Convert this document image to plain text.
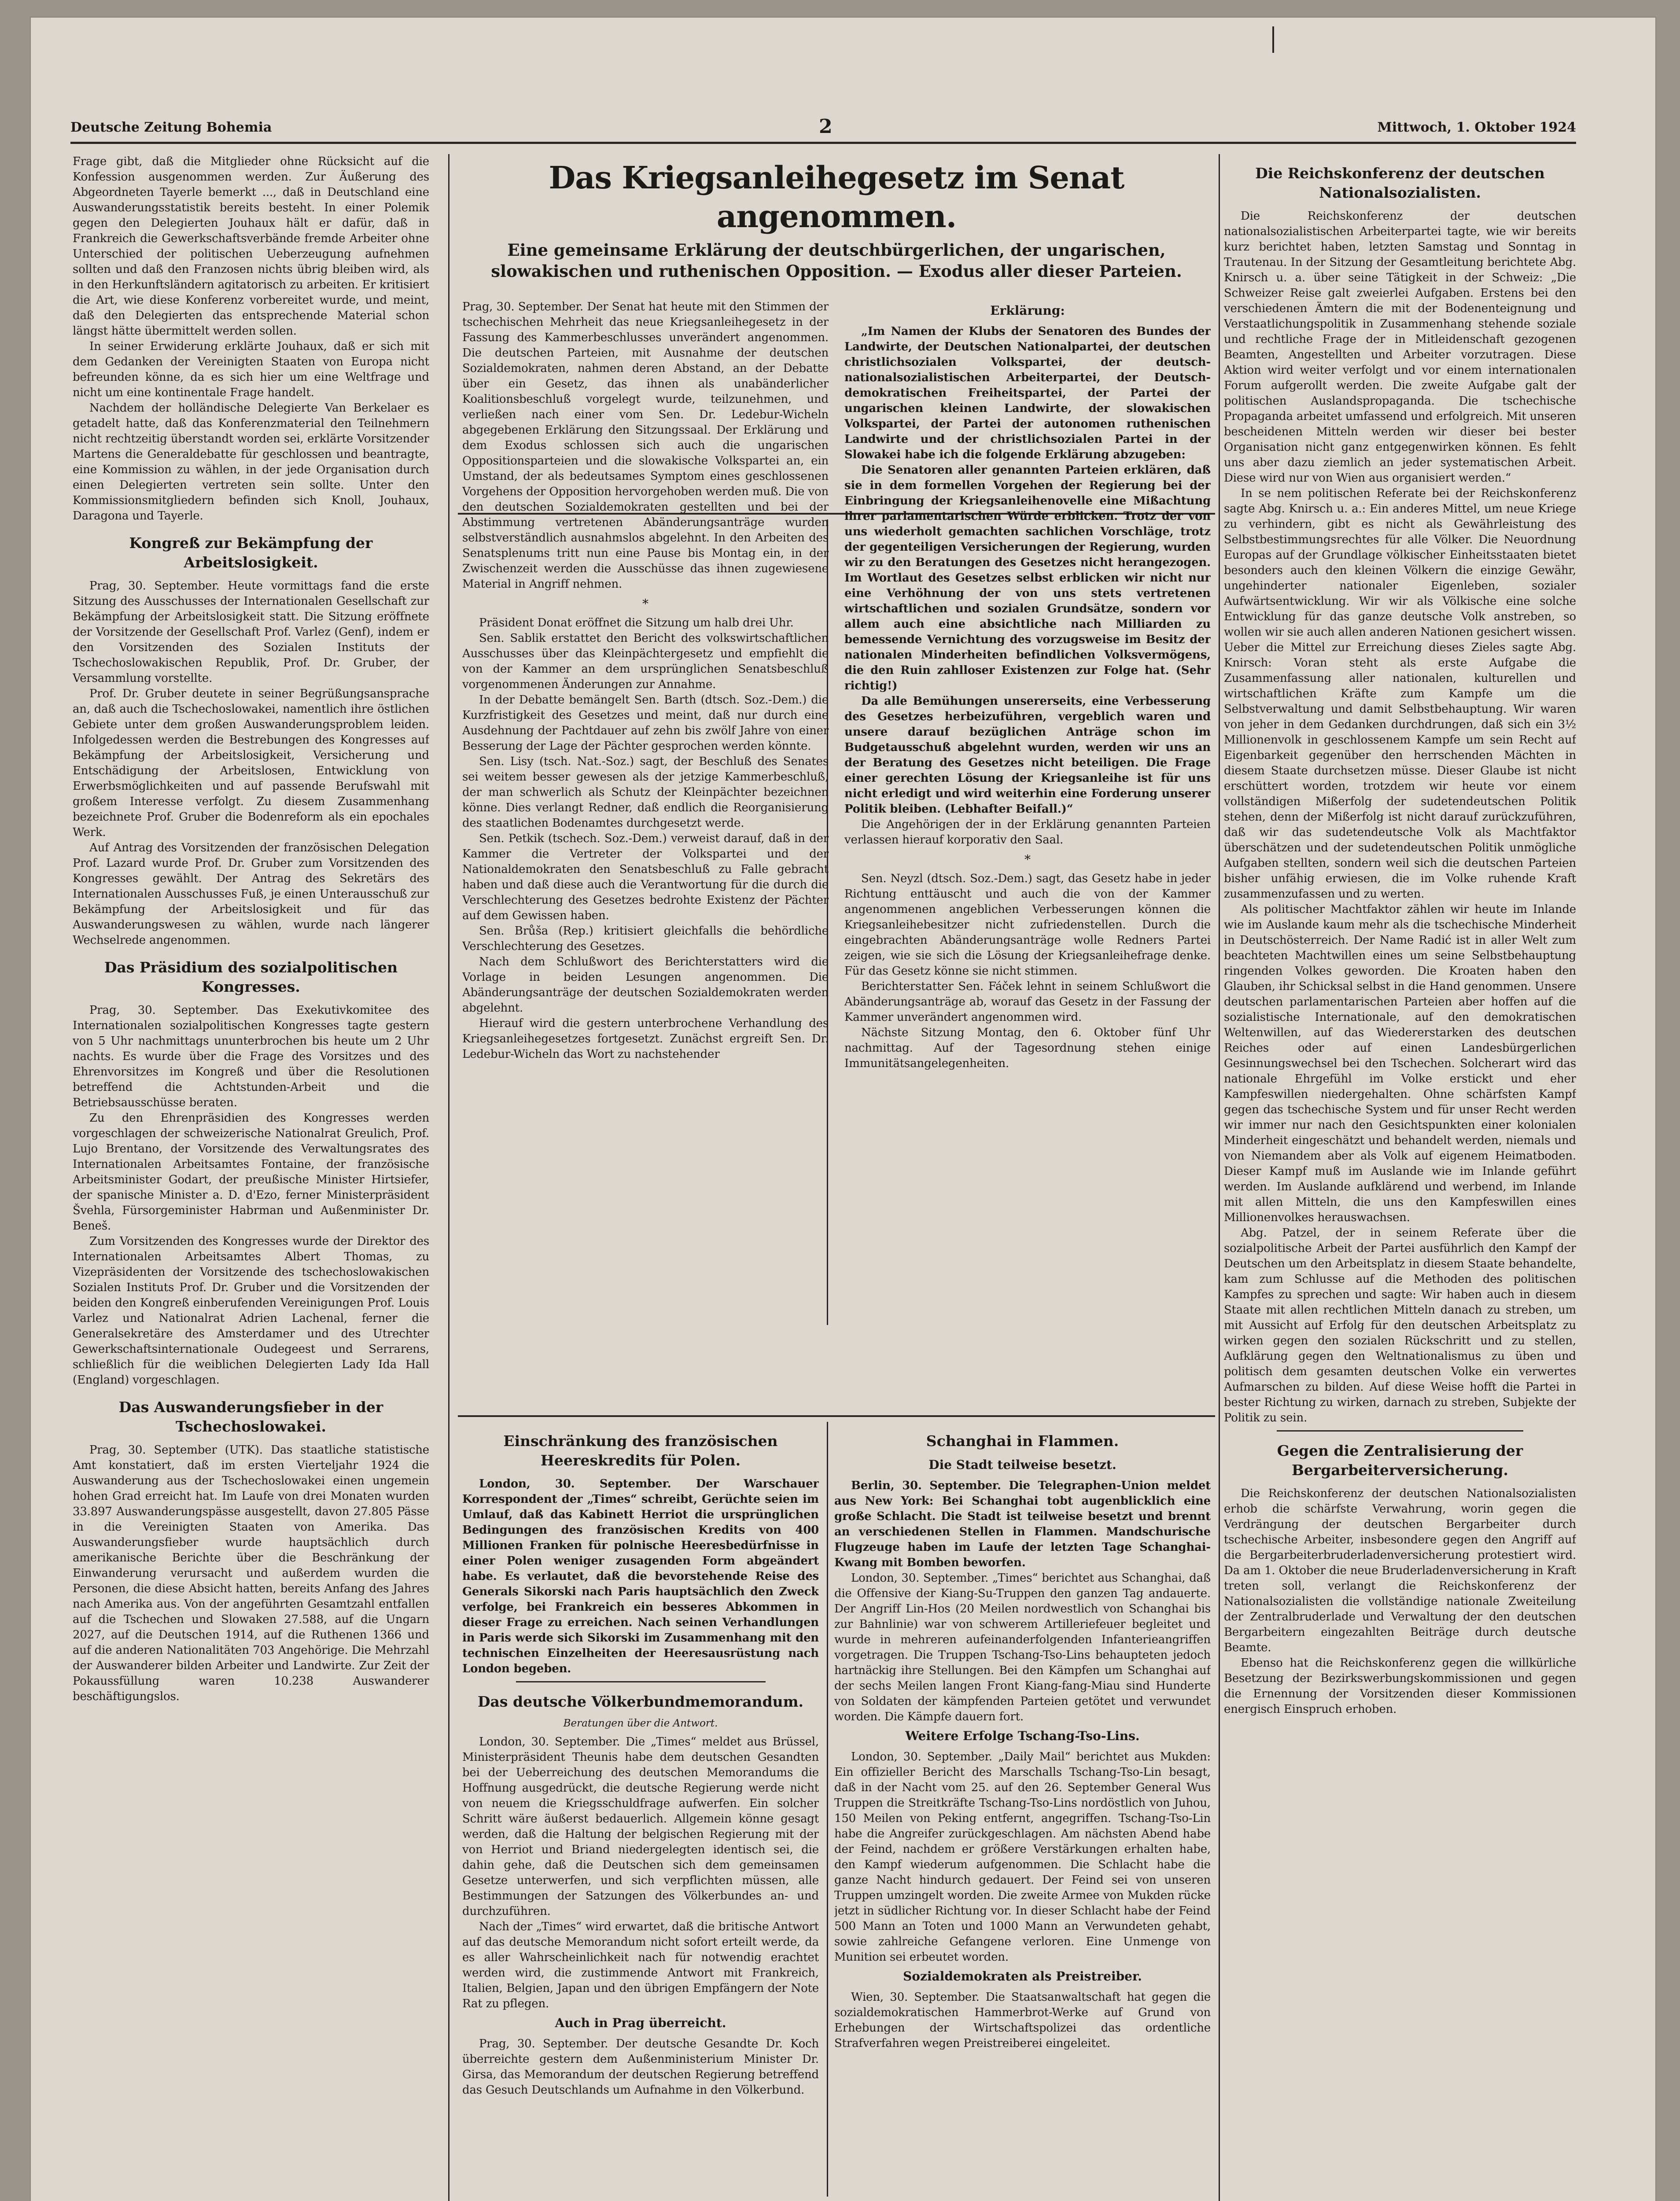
Deutsche Zeitung Bohemia	2	Mittwoch, 1. Oktober 1924

Frage gibt, daß die Mitglieder ohne Rücksicht auf die Konfession ausgenommen werden. Zur Äußerung des Abgeordneten Tayerle bemerkt ..., daß in Deutschland eine Auswanderungsstatistik bereits besteht. In einer Polemik gegen den Delegierten Jouhaux hält er dafür, daß in Frankreich die Gewerkschaftsverbände fremde Arbeiter ohne Unterschied der politischen Ueberzeugung aufnehmen sollten und daß den Franzosen nichts übrig bleiben wird, als in den Herkunftsländern agitatorisch zu arbeiten. Er kritisiert die Art, wie diese Konferenz vorbereitet wurde, und meint, daß den Delegierten das entsprechende Material schon längst hätte übermittelt werden sollen.

In seiner Erwiderung erklärte Jouhaux, daß er sich mit dem Gedanken der Vereinigten Staaten von Europa nicht befreunden könne, da es sich hier um eine Weltfrage und nicht um eine kontinentale Frage handelt.

Nachdem der holländische Delegierte Van Berkelaer es getadelt hatte, daß das Konferenzmaterial den Teilnehmern nicht rechtzeitig überstandt worden sei, erklärte Vorsitzender Martens die Generaldebatte für geschlossen und beantragte, eine Kommission zu wählen, in der jede Organisation durch einen Delegierten vertreten sein sollte. Unter den Kommissionsmitgliedern befinden sich Knoll, Jouhaux, Daragona und Tayerle.

Kongreß zur Bekämpfung der Arbeitslosigkeit.

Prag, 30. September. Heute vormittags fand die erste Sitzung des Ausschusses der Internationalen Gesellschaft zur Bekämpfung der Arbeitslosigkeit statt. Die Sitzung eröffnete der Vorsitzende der Gesellschaft Prof. Varlez (Genf), indem er den Vorsitzenden des Sozialen Instituts der Tschechoslowakischen Republik, Prof. Dr. Gruber, der Versammlung vorstellte.

Prof. Dr. Gruber deutete in seiner Begrüßungsansprache an, daß auch die Tschechoslowakei, namentlich ihre östlichen Gebiete unter dem großen Auswanderungsproblem leiden. Infolgedessen werden die Bestrebungen des Kongresses auf Bekämpfung der Arbeitslosigkeit, Versicherung und Entschädigung der Arbeitslosen, Entwicklung von Erwerbsmöglichkeiten und auf passende Berufswahl mit großem Interesse verfolgt. Zu diesem Zusammenhang bezeichnete Prof. Gruber die Bodenreform als ein epochales Werk.

Auf Antrag des Vorsitzenden der französischen Delegation Prof. Lazard wurde Prof. Dr. Gruber zum Vorsitzenden des Kongresses gewählt. Der Antrag des Sekretärs des Internationalen Ausschusses Fuß, je einen Unterausschuß zur Bekämpfung der Arbeitslosigkeit und für das Auswanderungswesen zu wählen, wurde nach längerer Wechselrede angenommen.

Das Präsidium des sozialpolitischen Kongresses.

Prag, 30. September. Das Exekutivkomitee des Internationalen sozialpolitischen Kongresses tagte gestern von 5 Uhr nachmittags ununterbrochen bis heute um 2 Uhr nachts. Es wurde über die Frage des Vorsitzes und des Ehrenvorsitzes im Kongreß und über die Resolutionen betreffend die Achtstunden-Arbeit und die Betriebsausschüsse beraten.

Zu den Ehrenpräsidien des Kongresses werden vorgeschlagen der schweizerische Nationalrat Greulich, Prof. Lujo Brentano, der Vorsitzende des Verwaltungsrates des Internationalen Arbeitsamtes Fontaine, der französische Arbeitsminister Godart, der preußische Minister Hirtsiefer, der spanische Minister a. D. d'Ezo, ferner Ministerpräsident Švehla, Fürsorgeminister Habrman und Außenminister Dr. Beneš.

Zum Vorsitzenden des Kongresses wurde der Direktor des Internationalen Arbeitsamtes Albert Thomas, zu Vizepräsidenten der Vorsitzende des tschechoslowakischen Sozialen Instituts Prof. Dr. Gruber und die Vorsitzenden der beiden den Kongreß einberufenden Vereinigungen Prof. Louis Varlez und Nationalrat Adrien Lachenal, ferner die Generalsekretäre des Amsterdamer und des Utrechter Gewerkschaftsinternationale Oudegeest und Serrarens, schließlich für die weiblichen Delegierten Lady Ida Hall (England) vorgeschlagen.

Das Auswanderungsfieber in der Tschechoslowakei.

Prag, 30. September (UTK). Das staatliche statistische Amt konstatiert, daß im ersten Vierteljahr 1924 die Auswanderung aus der Tschechoslowakei einen ungemein hohen Grad erreicht hat. Im Laufe von drei Monaten wurden 33.897 Auswanderungspässe ausgestellt, davon 27.805 Pässe in die Vereinigten Staaten von Amerika. Das Auswanderungsfieber wurde hauptsächlich durch amerikanische Berichte über die Beschränkung der Einwanderung verursacht und außerdem wurden die Personen, die diese Absicht hatten, bereits Anfang des Jahres nach Amerika aus. Von der angeführten Gesamtzahl entfallen auf die Tschechen und Slowaken 27.588, auf die Ungarn 2027, auf die Deutschen 1914, auf die Ruthenen 1366 und auf die anderen Nationalitäten 703 Angehörige. Die Mehrzahl der Auswanderer bilden Arbeiter und Landwirte. Zur Zeit der Pokaussfüllung waren 10.238 Auswanderer beschäftigungslos.

Das Kriegsanleihegesetz im Senat angenommen.
Eine gemeinsame Erklärung der deutschbürgerlichen, der ungarischen, slowakischen und ruthenischen Opposition. — Exodus aller dieser Parteien.

Prag, 30. September. Der Senat hat heute mit den Stimmen der tschechischen Mehrheit das neue Kriegsanleihegesetz in der Fassung des Kammerbeschlusses unverändert angenommen. Die deutschen Parteien, mit Ausnahme der deutschen Sozialdemokraten, nahmen deren Abstand, an der Debatte über ein Gesetz, das ihnen als unabänderlicher Koalitionsbeschluß vorgelegt wurde, teilzunehmen, und verließen nach einer vom Sen. Dr. Ledebur-Wicheln abgegebenen Erklärung den Sitzungssaal. Der Erklärung und dem Exodus schlossen sich auch die ungarischen Oppositionsparteien und die slowakische Volkspartei an, ein Umstand, der als bedeutsames Symptom eines geschlossenen Vorgehens der Opposition hervorgehoben werden muß. Die von den deutschen Sozialdemokraten gestellten und bei der Abstimmung vertretenen Abänderungsanträge wurden selbstverständlich ausnahmslos abgelehnt. In den Arbeiten des Senatsplenums tritt nun eine Pause bis Montag ein, in der Zwischenzeit werden die Ausschüsse das ihnen zugewiesene Material in Angriff nehmen.

*

Präsident Donat eröffnet die Sitzung um halb drei Uhr.

Sen. Sablik erstattet den Bericht des volkswirtschaftlichen Ausschusses über das Kleinpächtergesetz und empfiehlt die von der Kammer an dem ursprünglichen Senatsbeschluß vorgenommenen Änderungen zur Annahme.

In der Debatte bemängelt Sen. Barth (dtsch. Soz.-Dem.) die Kurzfristigkeit des Gesetzes und meint, daß nur durch eine Ausdehnung der Pachtdauer auf zehn bis zwölf Jahre von einer Besserung der Lage der Pächter gesprochen werden könnte.

Sen. Lisy (tsch. Nat.-Soz.) sagt, der Beschluß des Senates sei weitem besser gewesen als der jetzige Kammerbeschluß, der man schwerlich als Schutz der Kleinpächter bezeichnen könne. Dies verlangt Redner, daß endlich die Reorganisierung des staatlichen Bodenamtes durchgesetzt werde.

Sen. Petkik (tschech. Soz.-Dem.) verweist darauf, daß in der Kammer die Vertreter der Volkspartei und der Nationaldemokraten den Senatsbeschluß zu Falle gebracht haben und daß diese auch die Verantwortung für die durch die Verschlechterung des Gesetzes bedrohte Existenz der Pächter auf dem Gewissen haben.

Sen. Brůša (Rep.) kritisiert gleichfalls die behördliche Verschlechterung des Gesetzes.

Nach dem Schlußwort des Berichterstatters wird die Vorlage in beiden Lesungen angenommen. Die Abänderungsanträge der deutschen Sozialdemokraten werden abgelehnt.

Hierauf wird die gestern unterbrochene Verhandlung des Kriegsanleihegesetzes fortgesetzt. Zunächst ergreift Sen. Dr. Ledebur-Wicheln das Wort zu nachstehender

Erklärung:

„Im Namen der Klubs der Senatoren des Bundes der Landwirte, der Deutschen Nationalpartei, der deutschen christlichsozialen Volkspartei, der deutsch-nationalsozialistischen Arbeiterpartei, der Deutsch-demokratischen Freiheitspartei, der Partei der ungarischen kleinen Landwirte, der slowakischen Volkspartei, der Partei der autonomen ruthenischen Landwirte und der christlichsozialen Partei in der Slowakei habe ich die folgende Erklärung abzugeben:

Die Senatoren aller genannten Parteien erklären, daß sie in dem formellen Vorgehen der Regierung bei der Einbringung der Kriegsanleihenovelle eine Mißachtung ihrer parlamentarischen Würde erblicken. Trotz der von uns wiederholt gemachten sachlichen Vorschläge, trotz der gegenteiligen Versicherungen der Regierung, wurden wir zu den Beratungen des Gesetzes nicht herangezogen. Im Wortlaut des Gesetzes selbst erblicken wir nicht nur eine Verhöhnung der von uns stets vertretenen wirtschaftlichen und sozialen Grundsätze, sondern vor allem auch eine absichtliche nach Milliarden zu bemessende Vernichtung des vorzugsweise im Besitz der nationalen Minderheiten befindlichen Volksvermögens, die den Ruin zahlloser Existenzen zur Folge hat. (Sehr richtig!)

Da alle Bemühungen unsererseits, eine Verbesserung des Gesetzes herbeizuführen, vergeblich waren und unsere darauf bezüglichen Anträge schon im Budgetausschuß abgelehnt wurden, werden wir uns an der Beratung des Gesetzes nicht beteiligen. Die Frage einer gerechten Lösung der Kriegsanleihe ist für uns nicht erledigt und wird weiterhin eine Forderung unserer Politik bleiben. (Lebhafter Beifall.)“

Die Angehörigen der in der Erklärung genannten Parteien verlassen hierauf korporativ den Saal.

*

Sen. Neyzl (dtsch. Soz.-Dem.) sagt, das Gesetz habe in jeder Richtung enttäuscht und auch die von der Kammer angenommenen angeblichen Verbesserungen können die Kriegsanleihebesitzer nicht zufriedenstellen. Durch die eingebrachten Abänderungsanträge wolle Redners Partei zeigen, wie sie sich die Lösung der Kriegsanleihefrage denke. Für das Gesetz könne sie nicht stimmen.

Berichterstatter Sen. Fáček lehnt in seinem Schlußwort die Abänderungsanträge ab, worauf das Gesetz in der Fassung der Kammer unverändert angenommen wird.

Nächste Sitzung Montag, den 6. Oktober fünf Uhr nachmittag. Auf der Tagesordnung stehen einige Immunitätsangelegenheiten.

Einschränkung des französischen Heereskredits für Polen.

London, 30. September. Der Warschauer Korrespondent der „Times“ schreibt, Gerüchte seien im Umlauf, daß das Kabinett Herriot die ursprünglichen Bedingungen des französischen Kredits von 400 Millionen Franken für polnische Heeresbedürfnisse in einer Polen weniger zusagenden Form abgeändert habe. Es verlautet, daß die bevorstehende Reise des Generals Sikorski nach Paris hauptsächlich den Zweck verfolge, bei Frankreich ein besseres Abkommen in dieser Frage zu erreichen. Nach seinen Verhandlungen in Paris werde sich Sikorski im Zusammenhang mit den technischen Einzelheiten der Heeresausrüstung nach London begeben.

Das deutsche Völkerbundmemorandum.
Beratungen über die Antwort.

London, 30. September. Die „Times“ meldet aus Brüssel, Ministerpräsident Theunis habe dem deutschen Gesandten bei der Ueberreichung des deutschen Memorandums die Hoffnung ausgedrückt, die deutsche Regierung werde nicht von neuem die Kriegsschuldfrage aufwerfen. Ein solcher Schritt wäre äußerst bedauerlich. Allgemein könne gesagt werden, daß die Haltung der belgischen Regierung mit der von Herriot und Briand niedergelegten identisch sei, die dahin gehe, daß die Deutschen sich dem gemeinsamen Gesetze unterwerfen, und sich verpflichten müssen, alle Bestimmungen der Satzungen des Völkerbundes an- und durchzuführen.

Nach der „Times“ wird erwartet, daß die britische Antwort auf das deutsche Memorandum nicht sofort erteilt werde, da es aller Wahrscheinlichkeit nach für notwendig erachtet werden wird, die zustimmende Antwort mit Frankreich, Italien, Belgien, Japan und den übrigen Empfängern der Note Rat zu pflegen.

Auch in Prag überreicht.

Prag, 30. September. Der deutsche Gesandte Dr. Koch überreichte gestern dem Außenministerium Minister Dr. Girsa, das Memorandum der deutschen Regierung betreffend das Gesuch Deutschlands um Aufnahme in den Völkerbund.

Schanghai in Flammen.
Die Stadt teilweise besetzt.

Berlin, 30. September. Die Telegraphen-Union meldet aus New York: Bei Schanghai tobt augenblicklich eine große Schlacht. Die Stadt ist teilweise besetzt und brennt an verschiedenen Stellen in Flammen. Mandschurische Flugzeuge haben im Laufe der letzten Tage Schanghai-Kwang mit Bomben beworfen.

London, 30. September. „Times“ berichtet aus Schanghai, daß die Offensive der Kiang-Su-Truppen den ganzen Tag andauerte. Der Angriff Lin-Hos (20 Meilen nordwestlich von Schanghai bis zur Bahnlinie) war von schwerem Artilleriefeuer begleitet und wurde in mehreren aufeinanderfolgenden Infanterieangriffen vorgetragen. Die Truppen Tschang-Tso-Lins behaupteten jedoch hartnäckig ihre Stellungen. Bei den Kämpfen um Schanghai auf der sechs Meilen langen Front Kiang-fang-Miau sind Hunderte von Soldaten der kämpfenden Parteien getötet und verwundet worden. Die Kämpfe dauern fort.

Weitere Erfolge Tschang-Tso-Lins.

London, 30. September. „Daily Mail“ berichtet aus Mukden: Ein offizieller Bericht des Marschalls Tschang-Tso-Lin besagt, daß in der Nacht vom 25. auf den 26. September General Wus Truppen die Streitkräfte Tschang-Tso-Lins nordöstlich von Juhou, 150 Meilen von Peking entfernt, angegriffen. Tschang-Tso-Lin habe die Angreifer zurückgeschlagen. Am nächsten Abend habe der Feind, nachdem er größere Verstärkungen erhalten habe, den Kampf wiederum aufgenommen. Die Schlacht habe die ganze Nacht hindurch gedauert. Der Feind sei von unseren Truppen umzingelt worden. Die zweite Armee von Mukden rücke jetzt in südlicher Richtung vor. In dieser Schlacht habe der Feind 500 Mann an Toten und 1000 Mann an Verwundeten gehabt, sowie zahlreiche Gefangene verloren. Eine Unmenge von Munition sei erbeutet worden.

Sozialdemokraten als Preistreiber.

Wien, 30. September. Die Staatsanwaltschaft hat gegen die sozialdemokratischen Hammerbrot-Werke auf Grund von Erhebungen der Wirtschaftspolizei das ordentliche Strafverfahren wegen Preistreiberei eingeleitet.

Die Reichskonferenz der deutschen Nationalsozialisten.

Die Reichskonferenz der deutschen nationalsozialistischen Arbeiterpartei tagte, wie wir bereits kurz berichtet haben, letzten Samstag und Sonntag in Trautenau. In der Sitzung der Gesamtleitung berichtete Abg. Knirsch u. a. über seine Tätigkeit in der Schweiz: „Die Schweizer Reise galt zweierlei Aufgaben. Erstens bei den verschiedenen Ämtern die mit der Bodenenteignung und Verstaatlichungspolitik in Zusammenhang stehende soziale und rechtliche Frage der in Mitleidenschaft gezogenen Beamten, Angestellten und Arbeiter vorzutragen. Diese Aktion wird weiter verfolgt und vor einem internationalen Forum aufgerollt werden. Die zweite Aufgabe galt der politischen Auslandspropaganda. Die tschechische Propaganda arbeitet umfassend und erfolgreich. Mit unseren bescheidenen Mitteln werden wir dieser bei bester Organisation nicht ganz entgegenwirken können. Es fehlt uns aber dazu ziemlich an jeder systematischen Arbeit. Diese wird nur von Wien aus organisiert werden.“

In se nem politischen Referate bei der Reichskonferenz sagte Abg. Knirsch u. a.: Ein anderes Mittel, um neue Kriege zu verhindern, gibt es nicht als Gewährleistung des Selbstbestimmungsrechtes für alle Völker. Die Neuordnung Europas auf der Grundlage völkischer Einheitsstaaten bietet besonders auch den kleinen Völkern die einzige Gewähr, ungehinderter nationaler Eigenleben, sozialer Aufwärtsentwicklung. Wir wir als Völkische eine solche Entwicklung für das ganze deutsche Volk anstreben, so wollen wir sie auch allen anderen Nationen gesichert wissen. Ueber die Mittel zur Erreichung dieses Zieles sagte Abg. Knirsch: Voran steht als erste Aufgabe die Zusammenfassung aller nationalen, kulturellen und wirtschaftlichen Kräfte zum Kampfe um die Selbstverwaltung und damit Selbstbehauptung. Wir waren von jeher in dem Gedanken durchdrungen, daß sich ein 3½ Millionenvolk in geschlossenem Kampfe um sein Recht auf Eigenbarkeit gegenüber den herrschenden Mächten in diesem Staate durchsetzen müsse. Dieser Glaube ist nicht erschüttert worden, trotzdem wir heute vor einem vollständigen Mißerfolg der sudetendeutschen Politik stehen, denn der Mißerfolg ist nicht darauf zurückzuführen, daß wir das sudetendeutsche Volk als Machtfaktor überschätzen und der sudetendeutschen Politik unmögliche Aufgaben stellten, sondern weil sich die deutschen Parteien bisher unfähig erwiesen, die im Volke ruhende Kraft zusammenzufassen und zu werten.

Als politischer Machtfaktor zählen wir heute im Inlande wie im Auslande kaum mehr als die tschechische Minderheit in Deutschösterreich. Der Name Radić ist in aller Welt zum beachteten Machtwillen eines um seine Selbstbehauptung ringenden Volkes geworden. Die Kroaten haben den Glauben, ihr Schicksal selbst in die Hand genommen. Unsere deutschen parlamentarischen Parteien aber hoffen auf die sozialistische Internationale, auf den demokratischen Weltenwillen, auf das Wiedererstarken des deutschen Reiches oder auf einen Landesbürgerlichen Gesinnungswechsel bei den Tschechen. Solcherart wird das nationale Ehrgefühl im Volke erstickt und eher Kampfeswillen niedergehalten. Ohne schärfsten Kampf gegen das tschechische System und für unser Recht werden wir immer nur nach den Gesichtspunkten einer kolonialen Minderheit eingeschätzt und behandelt werden, niemals und von Niemandem aber als Volk auf eigenem Heimatboden. Dieser Kampf muß im Auslande wie im Inlande geführt werden. Im Auslande aufklärend und werbend, im Inlande mit allen Mitteln, die uns den Kampfeswillen eines Millionenvolkes herauswachsen.

Abg. Patzel, der in seinem Referate über die sozialpolitische Arbeit der Partei ausführlich den Kampf der Deutschen um den Arbeitsplatz in diesem Staate behandelte, kam zum Schlusse auf die Methoden des politischen Kampfes zu sprechen und sagte: Wir haben auch in diesem Staate mit allen rechtlichen Mitteln danach zu streben, um mit Aussicht auf Erfolg für den deutschen Arbeitsplatz zu wirken gegen den sozialen Rückschritt und zu stellen, Aufklärung gegen den Weltnationalismus zu üben und politisch dem gesamten deutschen Volke ein verwertes Aufmarschen zu bilden. Auf diese Weise hofft die Partei in bester Richtung zu wirken, darnach zu streben, Subjekte der Politik zu sein.

Gegen die Zentralisierung der Bergarbeiterversicherung.

Die Reichskonferenz der deutschen Nationalsozialisten erhob die schärfste Verwahrung, worin gegen die Verdrängung der deutschen Bergarbeiter durch tschechische Arbeiter, insbesondere gegen den Angriff auf die Bergarbeiterbruderladenversicherung protestiert wird. Da am 1. Oktober die neue Bruderladenversicherung in Kraft treten soll, verlangt die Reichskonferenz der Nationalsozialisten die vollständige nationale Zweiteilung der Zentralbruderlade und Verwaltung der den deutschen Bergarbeitern eingezahlten Beiträge durch deutsche Beamte.

Ebenso hat die Reichskonferenz gegen die willkürliche Besetzung der Bezirkswerbungskommissionen und gegen die Ernennung der Vorsitzenden dieser Kommissionen energisch Einspruch erhoben.
